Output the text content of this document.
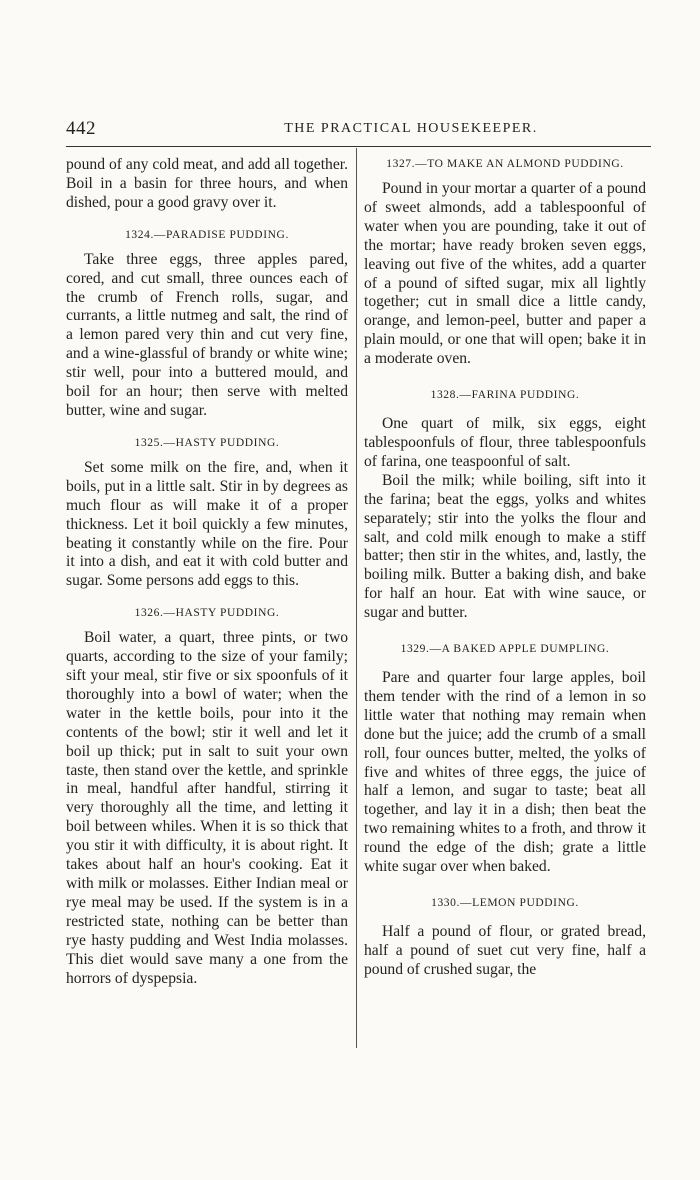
442	THE PRACTICAL HOUSEKEEPER.

pound of any cold meat, and add all together. Boil in a basin for three hours, and when dished, pour a good gravy over it.

1324.—PARADISE PUDDING.

Take three eggs, three apples pared, cored, and cut small, three ounces each of the crumb of French rolls, sugar, and currants, a little nutmeg and salt, the rind of a lemon pared very thin and cut very fine, and a wine-glassful of brandy or white wine; stir well, pour into a buttered mould, and boil for an hour; then serve with melted butter, wine and sugar.

1325.—HASTY PUDDING.

Set some milk on the fire, and, when it boils, put in a little salt. Stir in by degrees as much flour as will make it of a proper thickness. Let it boil quickly a few minutes, beating it constantly while on the fire. Pour it into a dish, and eat it with cold butter and sugar. Some persons add eggs to this.

1326.—HASTY PUDDING.

Boil water, a quart, three pints, or two quarts, according to the size of your family; sift your meal, stir five or six spoonfuls of it thoroughly into a bowl of water; when the water in the kettle boils, pour into it the contents of the bowl; stir it well and let it boil up thick; put in salt to suit your own taste, then stand over the kettle, and sprinkle in meal, handful after handful, stirring it very thoroughly all the time, and letting it boil between whiles. When it is so thick that you stir it with difficulty, it is about right. It takes about half an hour's cooking. Eat it with milk or molasses. Either Indian meal or rye meal may be used. If the system is in a restricted state, nothing can be better than rye hasty pudding and West India molasses. This diet would save many a one from the horrors of dyspepsia.

1327.—TO MAKE AN ALMOND PUDDING.

Pound in your mortar a quarter of a pound of sweet almonds, add a tablespoonful of water when you are pounding, take it out of the mortar; have ready broken seven eggs, leaving out five of the whites, add a quarter of a pound of sifted sugar, mix all lightly together; cut in small dice a little candy, orange, and lemon-peel, butter and paper a plain mould, or one that will open; bake it in a moderate oven.

1328.—FARINA PUDDING.

One quart of milk, six eggs, eight tablespoonfuls of flour, three tablespoonfuls of farina, one teaspoonful of salt.

Boil the milk; while boiling, sift into it the farina; beat the eggs, yolks and whites separately; stir into the yolks the flour and salt, and cold milk enough to make a stiff batter; then stir in the whites, and, lastly, the boiling milk. Butter a baking dish, and bake for half an hour. Eat with wine sauce, or sugar and butter.

1329.—A BAKED APPLE DUMPLING.

Pare and quarter four large apples, boil them tender with the rind of a lemon in so little water that nothing may remain when done but the juice; add the crumb of a small roll, four ounces butter, melted, the yolks of five and whites of three eggs, the juice of half a lemon, and sugar to taste; beat all together, and lay it in a dish; then beat the two remaining whites to a froth, and throw it round the edge of the dish; grate a little white sugar over when baked.

1330.—LEMON PUDDING.

Half a pound of flour, or grated bread, half a pound of suet cut very fine, half a pound of crushed sugar, the
